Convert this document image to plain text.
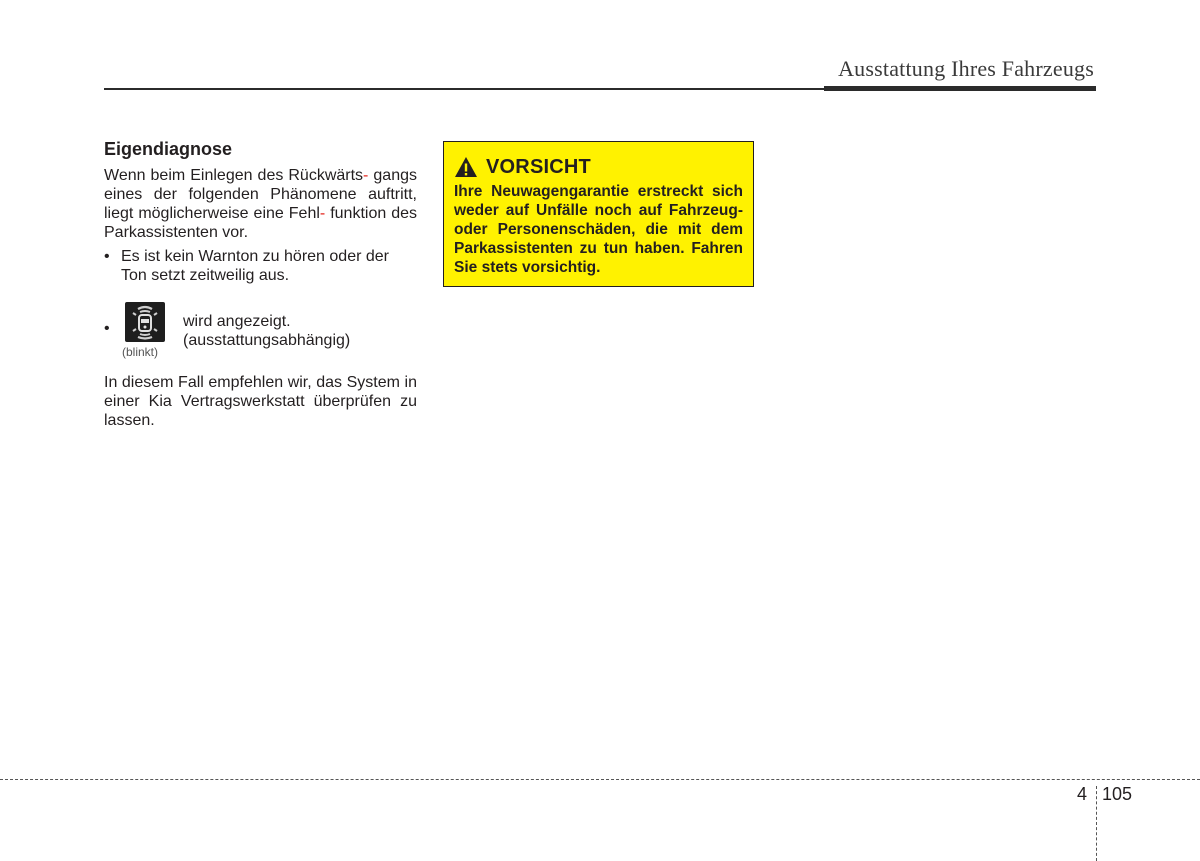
Ausstattung Ihres Fahrzeugs
Eigendiagnose

Wenn beim Einlegen des Rückwärts- gangs eines der folgenden Phänomene auftritt, liegt möglicherweise eine Fehl- funktion des Parkassistenten vor.

• Es ist kein Warnton zu hören oder der Ton setzt zeitweilig aus.
•
(blinkt)
wird angezeigt.
(ausstattungsabhängig)

In diesem Fall empfehlen wir, das System in einer Kia Vertragswerkstatt überprüfen zu lassen.

VORSICHT

Ihre Neuwagengarantie erstreckt sich weder auf Unfälle noch auf Fahrzeug- oder Personenschäden, die mit dem Parkassistenten zu tun haben. Fahren Sie stets vorsichtig.

4 105
